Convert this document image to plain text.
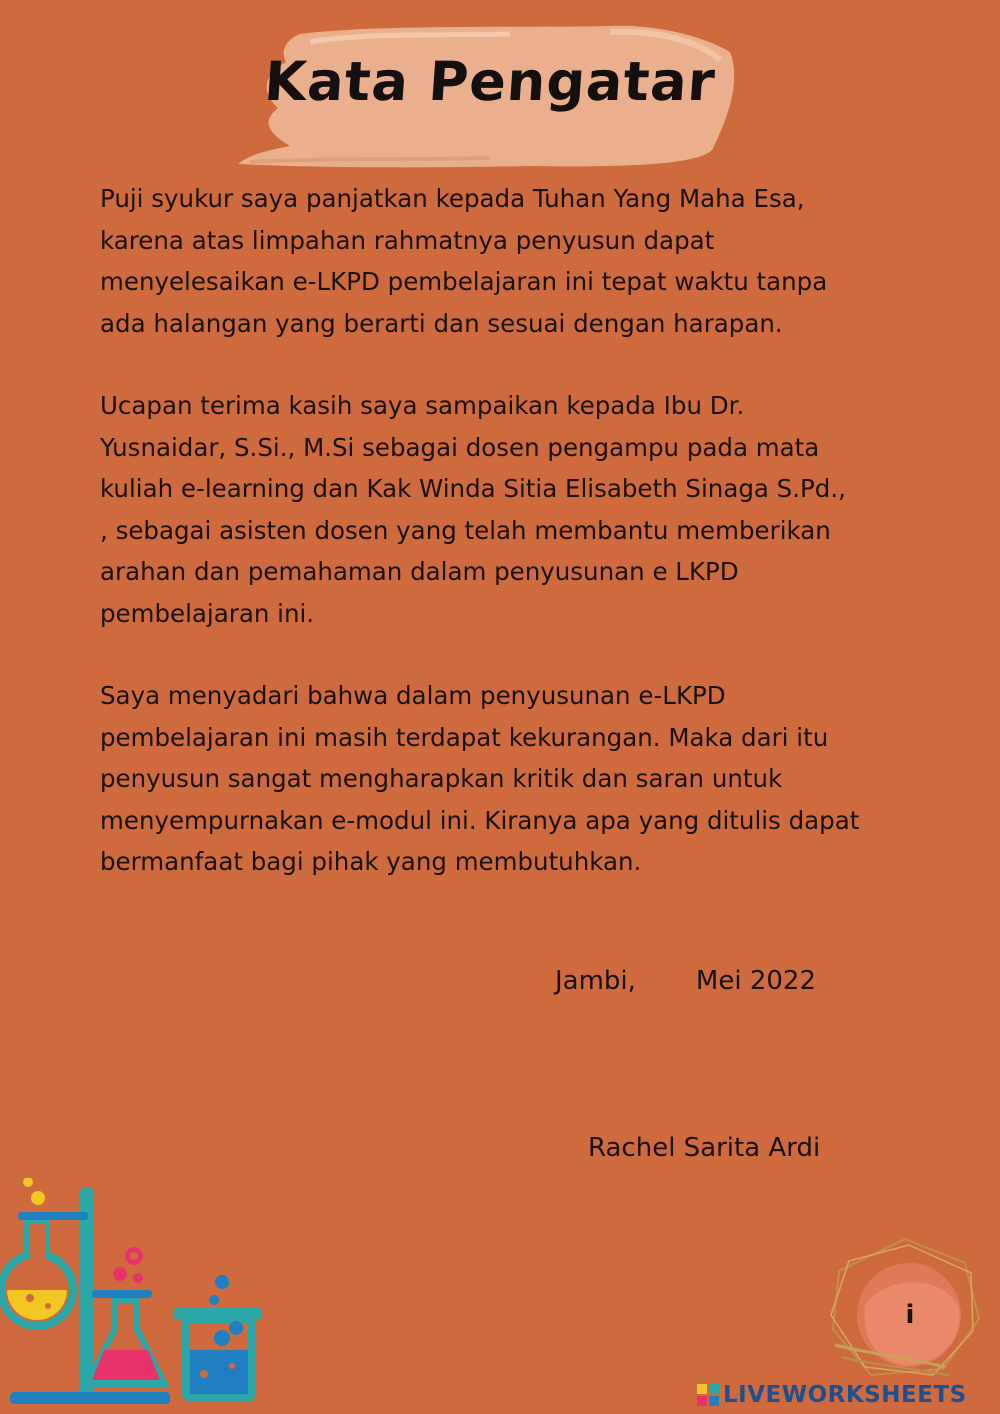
Kata Pengatar

Puji syukur saya panjatkan kepada Tuhan Yang Maha Esa,
karena atas limpahan rahmatnya penyusun dapat
menyelesaikan e-LKPD pembelajaran ini tepat waktu tanpa
ada halangan yang berarti dan sesuai dengan harapan.

Ucapan terima kasih saya sampaikan kepada Ibu Dr.
Yusnaidar, S.Si., M.Si sebagai dosen pengampu pada mata
kuliah e-learning dan Kak Winda Sitia Elisabeth Sinaga S.Pd.,
, sebagai asisten dosen yang telah membantu memberikan
arahan dan pemahaman dalam penyusunan e LKPD
pembelajaran ini.

Saya menyadari bahwa dalam penyusunan e-LKPD
pembelajaran ini masih terdapat kekurangan. Maka dari itu
penyusun sangat mengharapkan kritik dan saran untuk
menyempurnakan e-modul ini. Kiranya apa yang ditulis dapat
bermanfaat bagi pihak yang membutuhkan.

Jambi, Mei 2022
Rachel Sarita Ardi
i
LIVEWORKSHEETS
